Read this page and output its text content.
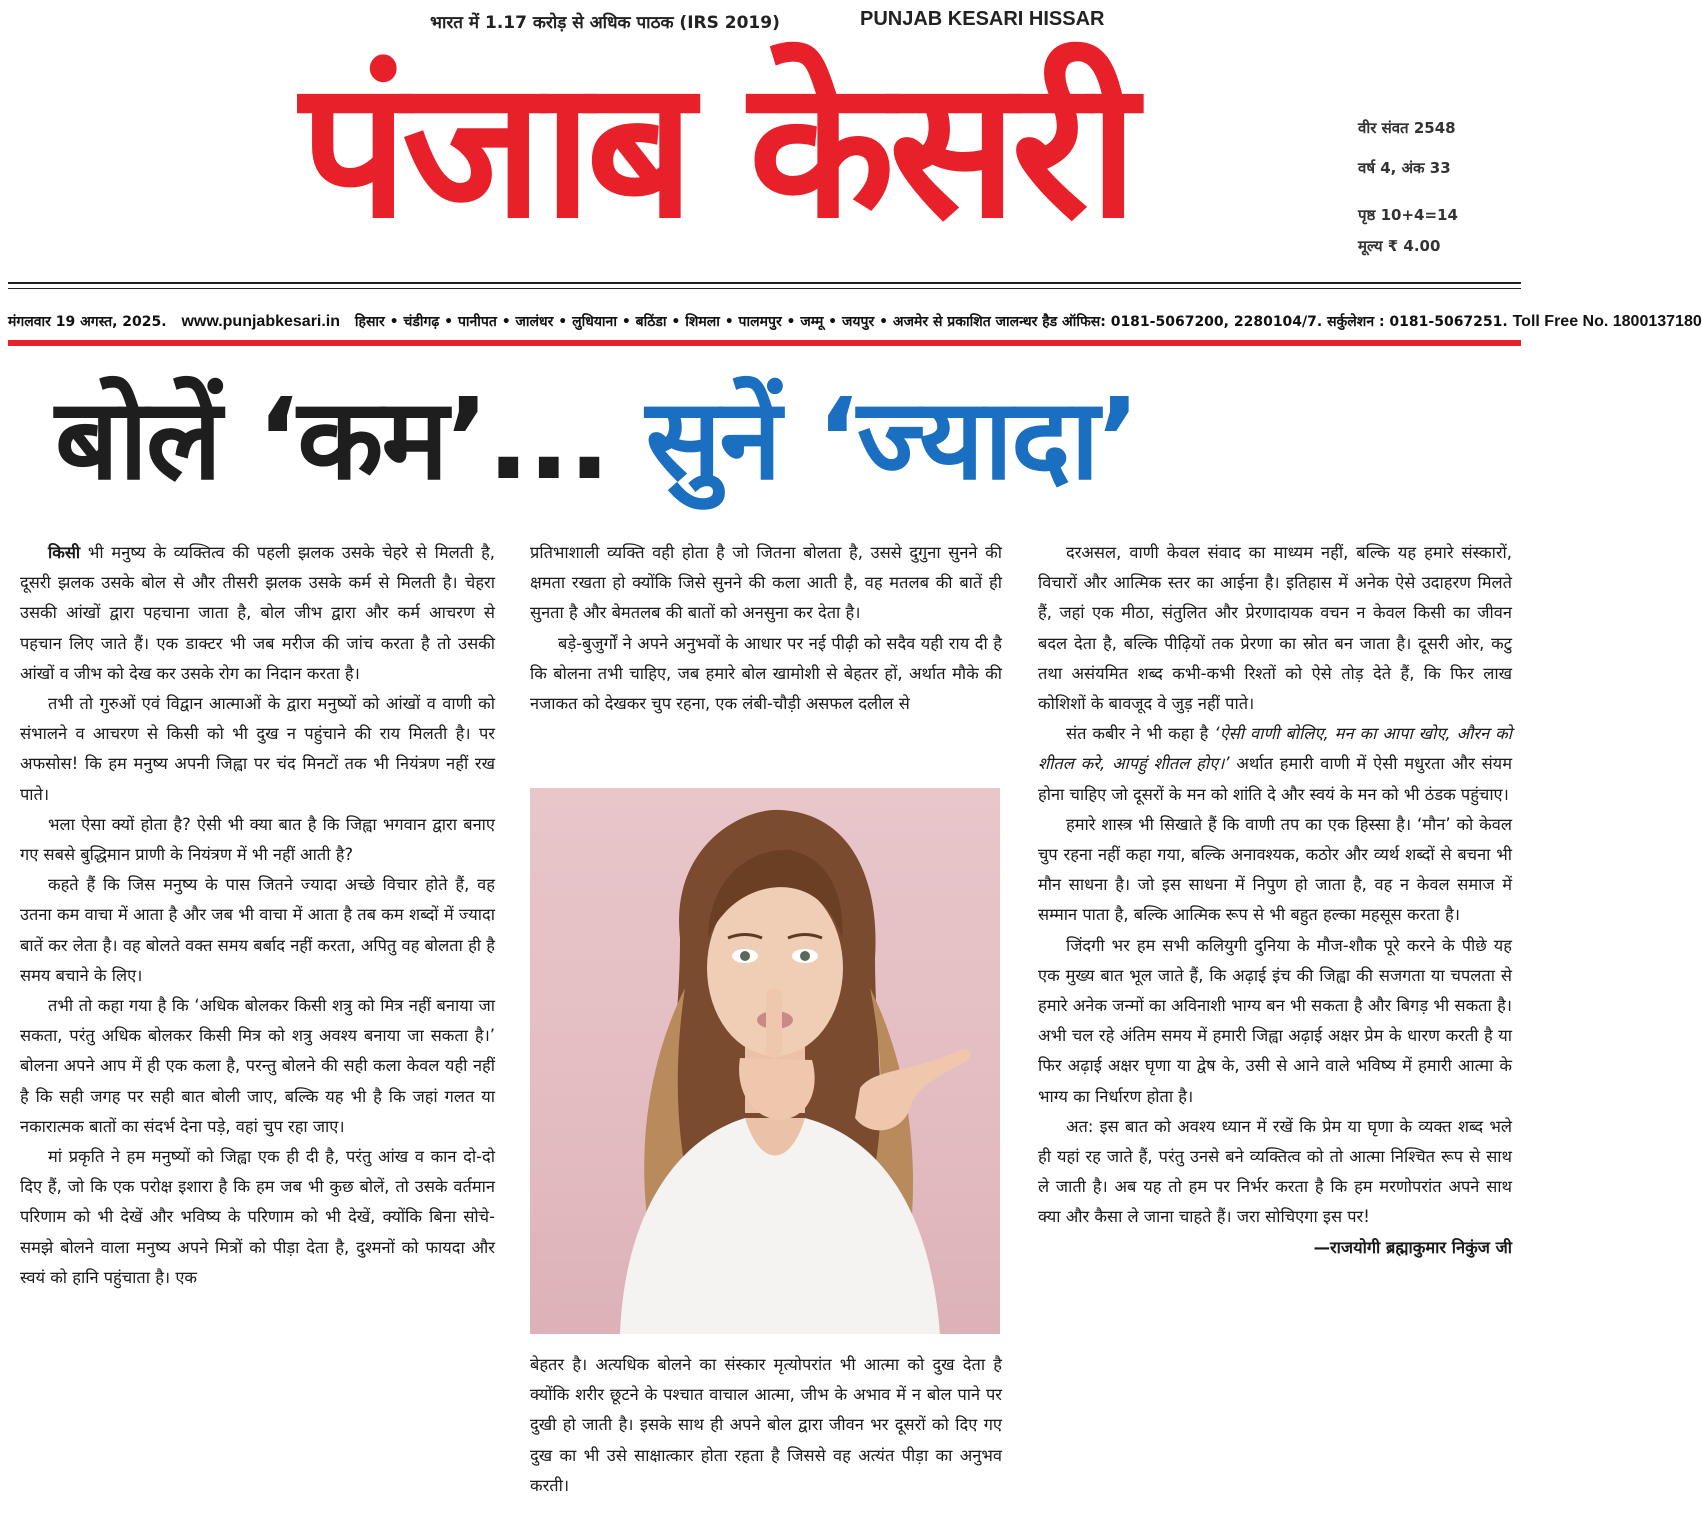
भारत में 1.17 करोड़ से अधिक पाठक (IRS 2019)	PUNJAB KESARI HISSAR
पंजाब केसरी	वीर संवत 2548
वर्ष 4, अंक 33
पृष्ठ 10+4=14
मूल्य ₹ 4.00
मंगलवार 19 अगस्त, 2025. www.punjabkesari.in हिसार • चंडीगढ़ • पानीपत • जालंधर • लुधियाना • बठिंडा • शिमला • पालमपुर • जम्मू • जयपुर • अजमेर से प्रकाशित जालन्धर हैड ऑफिस: 0181-5067200, 2280104/7. सर्कुलेशन : 0181-5067251. Toll Free No. 1800137180
बोलें ‘कम’... सुनें ‘ज्यादा’

किसी भी मनुष्य के व्यक्तित्व की पहली झलक उसके चेहरे से मिलती है, दूसरी झलक उसके बोल से और तीसरी झलक उसके कर्म से मिलती है। चेहरा उसकी आंखों द्वारा पहचाना जाता है, बोल जीभ द्वारा और कर्म आचरण से पहचान लिए जाते हैं। एक डाक्टर भी जब मरीज की जांच करता है तो उसकी आंखों व जीभ को देख कर उसके रोग का निदान करता है।

तभी तो गुरुओं एवं विद्वान आत्माओं के द्वारा मनुष्यों को आंखों व वाणी को संभालने व आचरण से किसी को भी दुख न पहुंचाने की राय मिलती है। पर अफसोस! कि हम मनुष्य अपनी जिह्वा पर चंद मिनटों तक भी नियंत्रण नहीं रख पाते।

भला ऐसा क्यों होता है? ऐसी भी क्या बात है कि जिह्वा भगवान द्वारा बनाए गए सबसे बुद्धिमान प्राणी के नियंत्रण में भी नहीं आती है?

कहते हैं कि जिस मनुष्य के पास जितने ज्यादा अच्छे विचार होते हैं, वह उतना कम वाचा में आता है और जब भी वाचा में आता है तब कम शब्दों में ज्यादा बातें कर लेता है। वह बोलते वक्त समय बर्बाद नहीं करता, अपितु वह बोलता ही है समय बचाने के लिए।

तभी तो कहा गया है कि ‘अधिक बोलकर किसी शत्रु को मित्र नहीं बनाया जा सकता, परंतु अधिक बोलकर किसी मित्र को शत्रु अवश्य बनाया जा सकता है।’ बोलना अपने आप में ही एक कला है, परन्तु बोलने की सही कला केवल यही नहीं है कि सही जगह पर सही बात बोली जाए, बल्कि यह भी है कि जहां गलत या नकारात्मक बातों का संदर्भ देना पड़े, वहां चुप रहा जाए।

मां प्रकृति ने हम मनुष्यों को जिह्वा एक ही दी है, परंतु आंख व कान दो-दो दिए हैं, जो कि एक परोक्ष इशारा है कि हम जब भी कुछ बोलें, तो उसके वर्तमान परिणाम को भी देखें और भविष्य के परिणाम को भी देखें, क्योंकि बिना सोचे-समझे बोलने वाला मनुष्य अपने मित्रों को पीड़ा देता है, दुश्मनों को फायदा और स्वयं को हानि पहुंचाता है। एक

प्रतिभाशाली व्यक्ति वही होता है जो जितना बोलता है, उससे दुगुना सुनने की क्षमता रखता हो क्योंकि जिसे सुनने की कला आती है, वह मतलब की बातें ही सुनता है और बेमतलब की बातों को अनसुना कर देता है।

बड़े-बुजुर्गों ने अपने अनुभवों के आधार पर नई पीढ़ी को सदैव यही राय दी है कि बोलना तभी चाहिए, जब हमारे बोल खामोशी से बेहतर हों, अर्थात मौके की नजाकत को देखकर चुप रहना, एक लंबी-चौड़ी असफल दलील से

बेहतर है। अत्यधिक बोलने का संस्कार मृत्योपरांत भी आत्मा को दुख देता है क्योंकि शरीर छूटने के पश्चात वाचाल आत्मा, जीभ के अभाव में न बोल पाने पर दुखी हो जाती है। इसके साथ ही अपने बोल द्वारा जीवन भर दूसरों को दिए गए दुख का भी उसे साक्षात्कार होता रहता है जिससे वह अत्यंत पीड़ा का अनुभव करती।

दरअसल, वाणी केवल संवाद का माध्यम नहीं, बल्कि यह हमारे संस्कारों, विचारों और आत्मिक स्तर का आईना है। इतिहास में अनेक ऐसे उदाहरण मिलते हैं, जहां एक मीठा, संतुलित और प्रेरणादायक वचन न केवल किसी का जीवन बदल देता है, बल्कि पीढ़ियों तक प्रेरणा का स्रोत बन जाता है। दूसरी ओर, कटु तथा असंयमित शब्द कभी-कभी रिश्तों को ऐसे तोड़ देते हैं, कि फिर लाख कोशिशों के बावजूद वे जुड़ नहीं पाते।

संत कबीर ने भी कहा है ‘ऐसी वाणी बोलिए, मन का आपा खोए, औरन को शीतल करे, आपहुं शीतल होए।’ अर्थात हमारी वाणी में ऐसी मधुरता और संयम होना चाहिए जो दूसरों के मन को शांति दे और स्वयं के मन को भी ठंडक पहुंचाए।

हमारे शास्त्र भी सिखाते हैं कि वाणी तप का एक हिस्सा है। ‘मौन’ को केवल चुप रहना नहीं कहा गया, बल्कि अनावश्यक, कठोर और व्यर्थ शब्दों से बचना भी मौन साधना है। जो इस साधना में निपुण हो जाता है, वह न केवल समाज में सम्मान पाता है, बल्कि आत्मिक रूप से भी बहुत हल्का महसूस करता है।

जिंदगी भर हम सभी कलियुगी दुनिया के मौज-शौक पूरे करने के पीछे यह एक मुख्य बात भूल जाते हैं, कि अढ़ाई इंच की जिह्वा की सजगता या चपलता से हमारे अनेक जन्मों का अविनाशी भाग्य बन भी सकता है और बिगड़ भी सकता है। अभी चल रहे अंतिम समय में हमारी जिह्वा अढ़ाई अक्षर प्रेम के धारण करती है या फिर अढ़ाई अक्षर घृणा या द्वेष के, उसी से आने वाले भविष्य में हमारी आत्मा के भाग्य का निर्धारण होता है।

अत: इस बात को अवश्य ध्यान में रखें कि प्रेम या घृणा के व्यक्त शब्द भले ही यहां रह जाते हैं, परंतु उनसे बने व्यक्तित्व को तो आत्मा निश्चित रूप से साथ ले जाती है। अब यह तो हम पर निर्भर करता है कि हम मरणोपरांत अपने साथ क्या और कैसा ले जाना चाहते हैं। जरा सोचिएगा इस पर!

—राजयोगी ब्रह्माकुमार निकुंज जी
